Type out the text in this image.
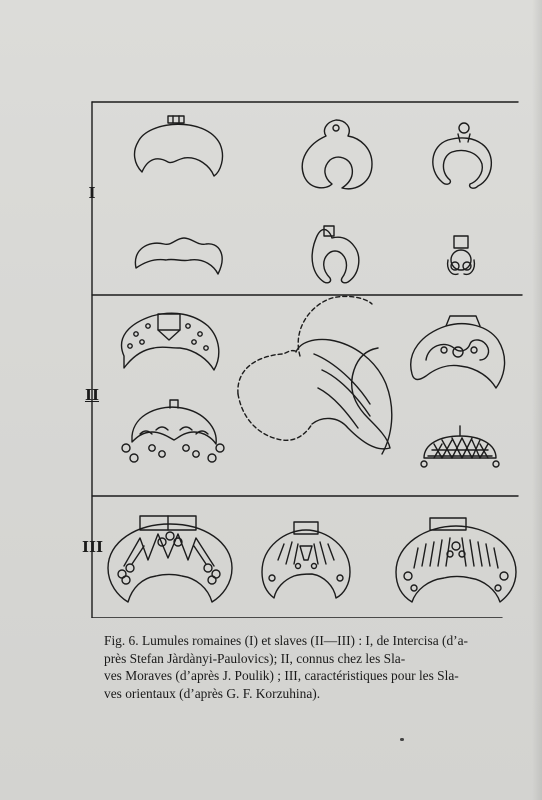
I
II
III

Fig. 6. Lumules romaines (I) et slaves (II—III) : I, de Intercisa (d’a-
près Stefan Jàrdànyi-Paulovics); II, connus chez les Sla-
ves Moraves (d’après J. Poulik) ; III, caractéristiques pour les Sla-
ves orientaux (d’après G. F. Korzuhina).
